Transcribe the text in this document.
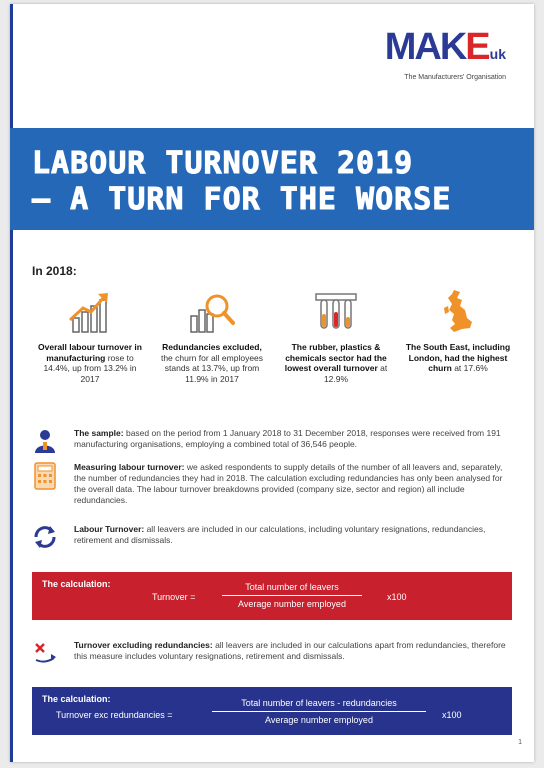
MAKEuk
The Manufacturers' Organisation
LABOUR TURNOVER 2019
– A TURN FOR THE WORSE
In 2018:
Overall labour turnover in manufacturing rose to 14.4%, up from 13.2% in 2017
Redundancies excluded, the churn for all employees stands at 13.7%, up from 11.9% in 2017
The rubber, plastics & chemicals sector had the lowest overall turnover at 12.9%
The South East, including London, had the highest churn at 17.6%
The sample: based on the period from 1 January 2018 to 31 December 2018, responses were received from 191 manufacturing organisations, employing a combined total of 36,546 people.
Measuring labour turnover: we asked respondents to supply details of the number of all leavers and, separately, the number of redundancies they had in 2018. The calculation excluding redundancies has only been analysed for the overall data. The labour turnover breakdowns provided (company size, sector and region) all include redundancies.
Labour Turnover: all leavers are included in our calculations, including voluntary resignations, redundancies, retirement and dismissals.
The calculation:
Turnover =
Total number of leavers
Average number employed
x100
Turnover excluding redundancies: all leavers are included in our calculations apart from redundancies, therefore this measure includes voluntary resignations, retirement and dismissals.
The calculation:
Turnover exc redundancies =
Total number of leavers - redundancies
Average number employed	x100
1
